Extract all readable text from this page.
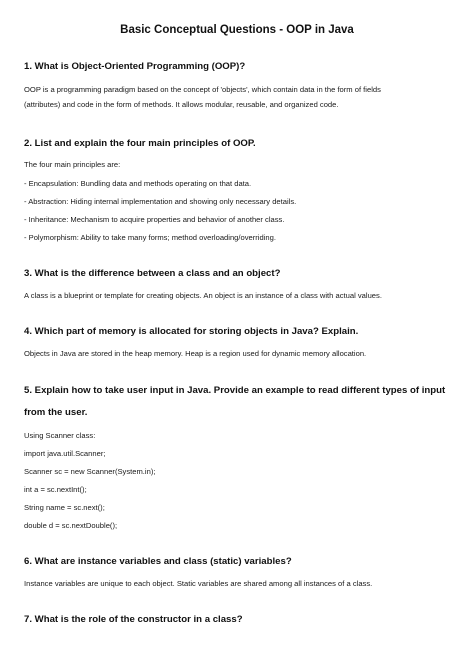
Basic Conceptual Questions - OOP in Java
1. What is Object-Oriented Programming (OOP)?
OOP is a programming paradigm based on the concept of 'objects', which contain data in the form of fields
(attributes) and code in the form of methods. It allows modular, reusable, and organized code.
2. List and explain the four main principles of OOP.
The four main principles are:
- Encapsulation: Bundling data and methods operating on that data.
- Abstraction: Hiding internal implementation and showing only necessary details.
- Inheritance: Mechanism to acquire properties and behavior of another class.
- Polymorphism: Ability to take many forms; method overloading/overriding.
3. What is the difference between a class and an object?
A class is a blueprint or template for creating objects. An object is an instance of a class with actual values.
4. Which part of memory is allocated for storing objects in Java? Explain.
Objects in Java are stored in the heap memory. Heap is a region used for dynamic memory allocation.
5. Explain how to take user input in Java. Provide an example to read different types of input
from the user.
Using Scanner class:
import java.util.Scanner;
Scanner sc = new Scanner(System.in);
int a = sc.nextInt();
String name = sc.next();
double d = sc.nextDouble();
6. What are instance variables and class (static) variables?
Instance variables are unique to each object. Static variables are shared among all instances of a class.
7. What is the role of the constructor in a class?
